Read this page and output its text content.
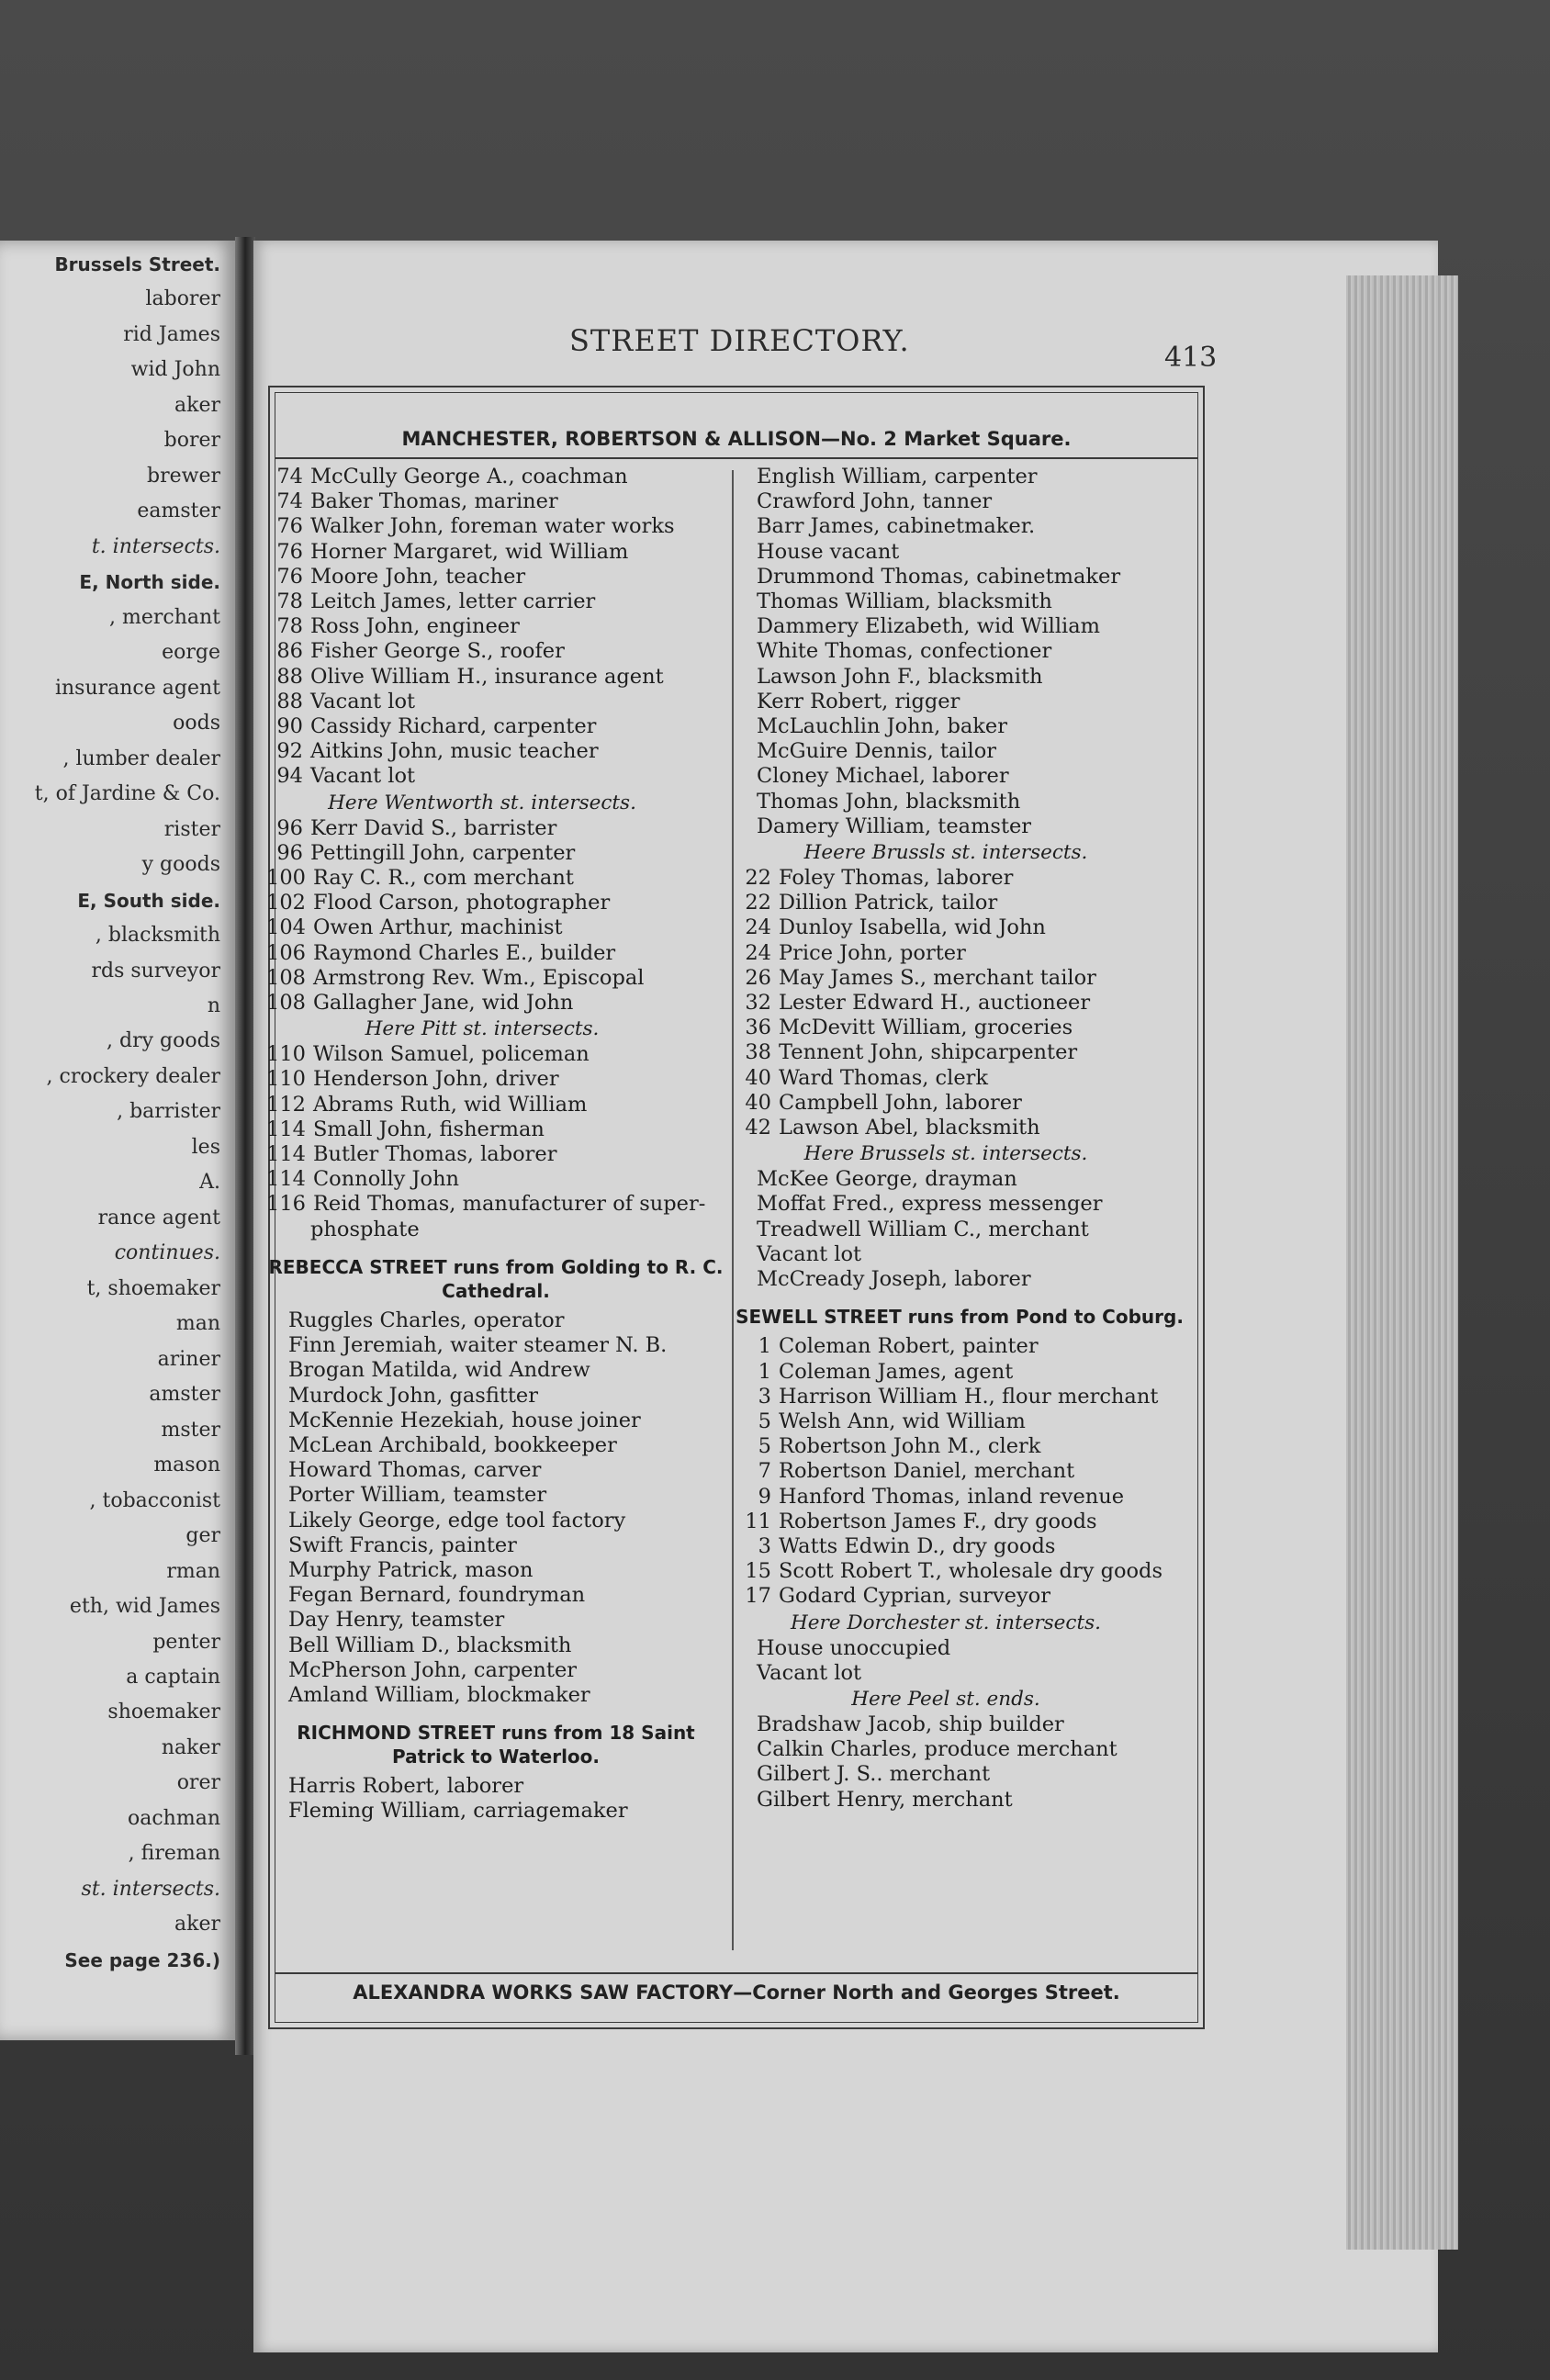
Brussels Street.
laborer
rid James
wid John
aker
borer
brewer
eamster
t. intersects.
E, North side.
, merchant
eorge
insurance agent
oods
, lumber dealer
t, of Jardine & Co.
rister
y goods
E, South side.
, blacksmith
rds surveyor
n
, dry goods
, crockery dealer
, barrister
les
A.
rance agent
continues.
t, shoemaker
man
ariner
amster
mster
mason
, tobacconist
ger
rman
eth, wid James
penter
a captain
shoemaker
naker
orer
oachman
, fireman
st. intersects.
aker
See page 236.)
STREET DIRECTORY.	413
MANCHESTER, ROBERTSON & ALLISON—No. 2 Market Square.
74 McCully George A., coachman
74 Baker Thomas, mariner
76 Walker John, foreman water works
76 Horner Margaret, wid William
76 Moore John, teacher
78 Leitch James, letter carrier
78 Ross John, engineer
86 Fisher George S., roofer
88 Olive William H., insurance agent
88 Vacant lot
90 Cassidy Richard, carpenter
92 Aitkins John, music teacher
94 Vacant lot
Here Wentworth st. intersects.
96 Kerr David S., barrister
96 Pettingill John, carpenter
100 Ray C. R., com merchant
102 Flood Carson, photographer
104 Owen Arthur, machinist
106 Raymond Charles E., builder
108 Armstrong Rev. Wm., Episcopal
108 Gallagher Jane, wid John
Here Pitt st. intersects.
110 Wilson Samuel, policeman
110 Henderson John, driver
112 Abrams Ruth, wid William
114 Small John, fisherman
114 Butler Thomas, laborer
114 Connolly John
116 Reid Thomas, manufacturer of super-
phosphate
REBECCA STREET runs from Golding to R. C. Cathedral.
Ruggles Charles, operator
Finn Jeremiah, waiter steamer N. B.
Brogan Matilda, wid Andrew
Murdock John, gasfitter
McKennie Hezekiah, house joiner
McLean Archibald, bookkeeper
Howard Thomas, carver
Porter William, teamster
Likely George, edge tool factory
Swift Francis, painter
Murphy Patrick, mason
Fegan Bernard, foundryman
Day Henry, teamster
Bell William D., blacksmith
McPherson John, carpenter
Amland William, blockmaker
RICHMOND STREET runs from 18 Saint Patrick to Waterloo.
Harris Robert, laborer
Fleming William, carriagemaker
English William, carpenter
Crawford John, tanner
Barr James, cabinetmaker.
House vacant
Drummond Thomas, cabinetmaker
Thomas William, blacksmith
Dammery Elizabeth, wid William
White Thomas, confectioner
Lawson John F., blacksmith
Kerr Robert, rigger
McLauchlin John, baker
McGuire Dennis, tailor
Cloney Michael, laborer
Thomas John, blacksmith
Damery William, teamster
Heere Brussls st. intersects.
22 Foley Thomas, laborer
22 Dillion Patrick, tailor
24 Dunloy Isabella, wid John
24 Price John, porter
26 May James S., merchant tailor
32 Lester Edward H., auctioneer
36 McDevitt William, groceries
38 Tennent John, shipcarpenter
40 Ward Thomas, clerk
40 Campbell John, laborer
42 Lawson Abel, blacksmith
Here Brussels st. intersects.
McKee George, drayman
Moffat Fred., express messenger
Treadwell William C., merchant
Vacant lot
McCready Joseph, laborer
SEWELL STREET runs from Pond to Coburg.
1 Coleman Robert, painter
1 Coleman James, agent
3 Harrison William H., flour merchant
5 Welsh Ann, wid William
5 Robertson John M., clerk
7 Robertson Daniel, merchant
9 Hanford Thomas, inland revenue
11 Robertson James F., dry goods
3 Watts Edwin D., dry goods
15 Scott Robert T., wholesale dry goods
17 Godard Cyprian, surveyor
Here Dorchester st. intersects.
House unoccupied
Vacant lot
Here Peel st. ends.
Bradshaw Jacob, ship builder
Calkin Charles, produce merchant
Gilbert J. S.. merchant
Gilbert Henry, merchant
ALEXANDRA WORKS SAW FACTORY—Corner North and Georges Street.
